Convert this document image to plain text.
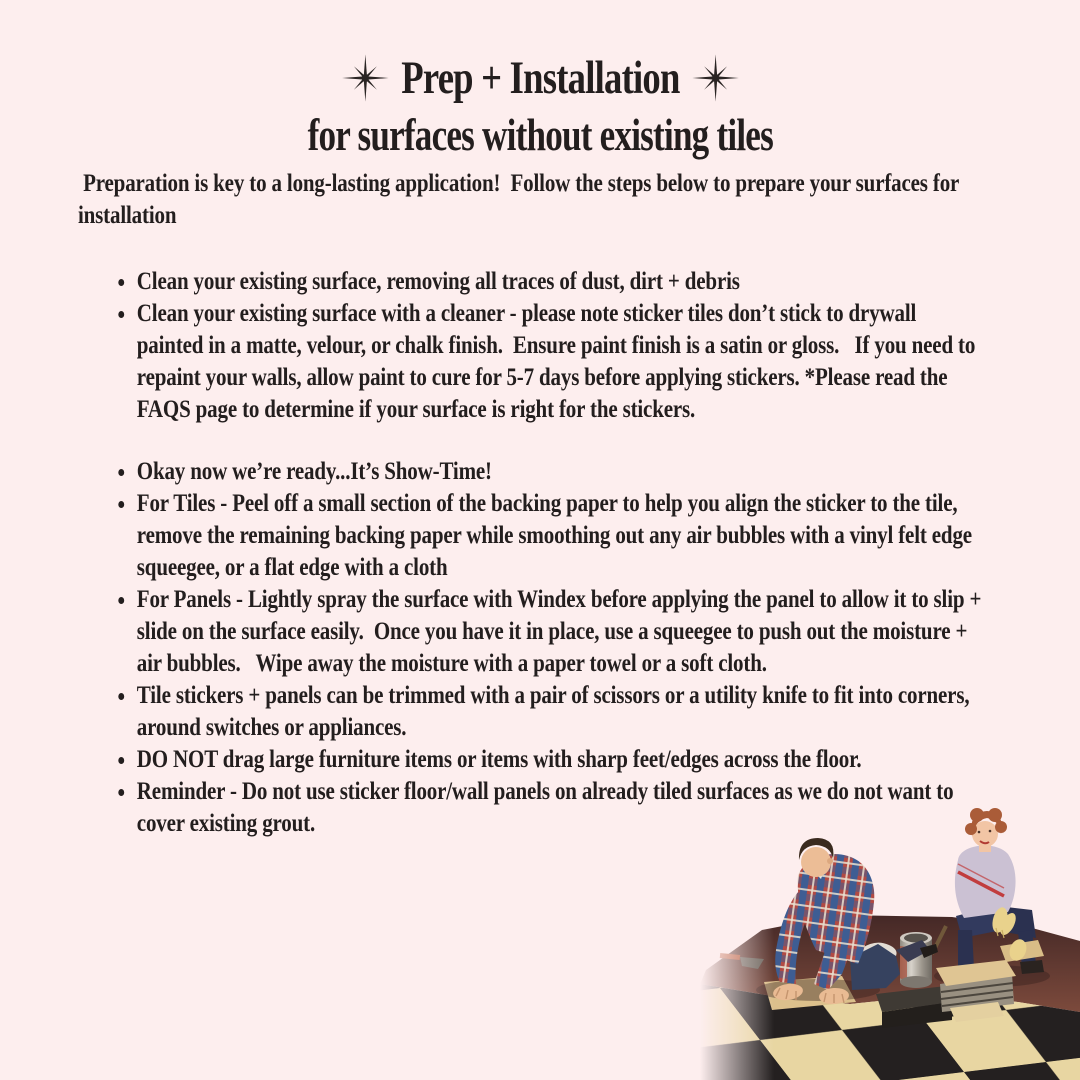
Prep + Installation

for surfaces without existing tiles

Preparation is key to a long-lasting application!  Follow the steps below to prepare your surfaces for installation

Clean your existing surface, removing all traces of dust, dirt + debris
Clean your existing surface with a cleaner - please note sticker tiles don’t stick to drywall painted in a matte, velour, or chalk finish.  Ensure paint finish is a satin or gloss.   If you need to repaint your walls, allow paint to cure for 5-7 days before applying stickers. *Please read the FAQS page to determine if your surface is right for the stickers.
Okay now we’re ready...It’s Show-Time!
For Tiles - Peel off a small section of the backing paper to help you align the sticker to the tile, remove the remaining backing paper while smoothing out any air bubbles with a vinyl felt edge squeegee, or a flat edge with a cloth
For Panels - Lightly spray the surface with Windex before applying the panel to allow it to slip + slide on the surface easily.  Once you have it in place, use a squeegee to push out the moisture + air bubbles.   Wipe away the moisture with a paper towel or a soft cloth.
Tile stickers + panels can be trimmed with a pair of scissors or a utility knife to fit into corners, around switches or appliances.
DO NOT drag large furniture items or items with sharp feet/edges across the floor.
Reminder - Do not use sticker floor/wall panels on already tiled surfaces as we do not want to cover existing grout.
